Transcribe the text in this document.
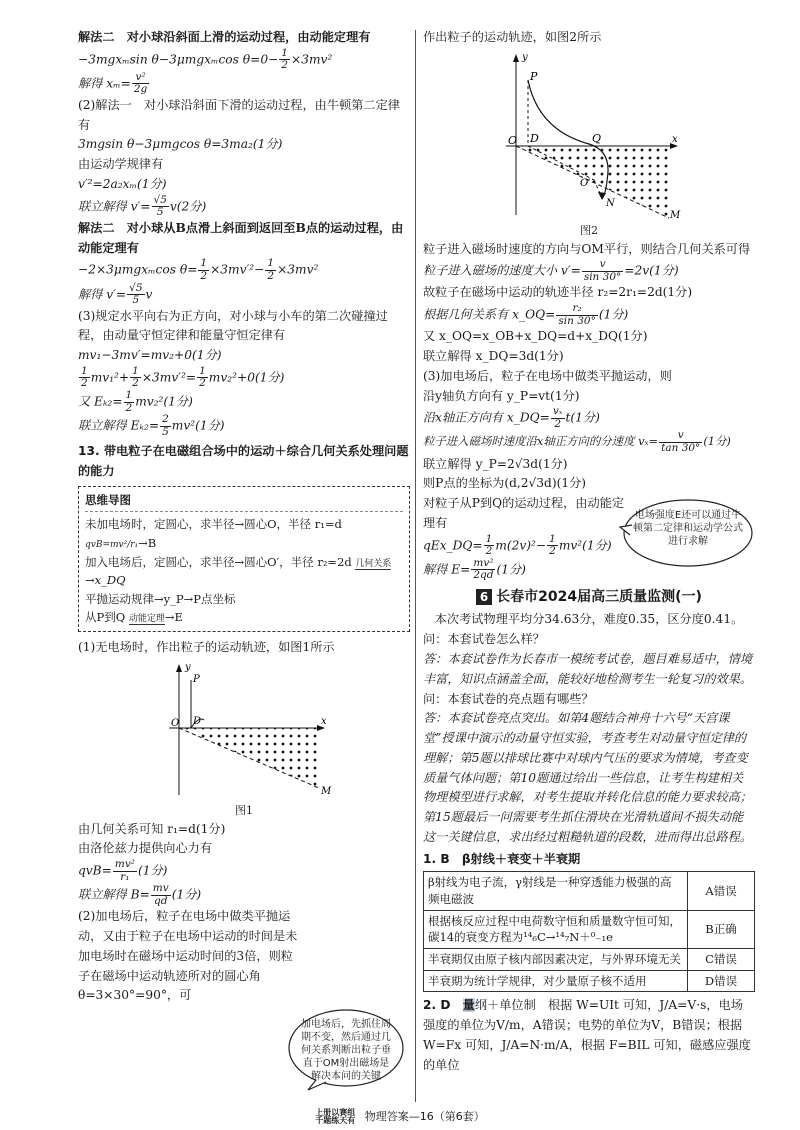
解法二　对小球沿斜面上滑的运动过程，由动能定理有

−3mgxₘsin θ−3μmgxₘcos $\theta=0- \frac{1}{2} \times 3mv^2$

解得 $x_m= \frac{\text{v²}}{2g}$

(2)解法一　对小球沿斜面下滑的运动过程，由牛顿第二定律有

3mgsin θ−3μmgcos θ=3ma₂(1分)

由运动学规律有

v′²=2a₂xₘ(1分)

联立解得 $v'= \frac{√5}{5} v(2$分)

解法二　对小球从B点滑上斜面到返回至B点的运动过程，由动能定理有

−2×3μmgxₘcos $\theta= \frac{1}{2} \times 3mv'^2- \frac{1}{2} \times 3mv^2$

解得 $v'= \frac{√5}{5}$ v

(3)规定水平向右为正方向，对小球与小车的第二次碰撞过程，由动量守恒定律和能量守恒定律有

mv₁−3mv′=mv₂+0(1分)

$\frac{1}{2} mv_1^2+ \frac{1}{2} \times 3mv'^2= \frac{1}{2} mv_2^2+0(1$分)

又 $E_{k2}= \frac{1}{2} mv_2^2(1$分)

联立解得 $E_{k2}= \frac{2}{5} mv^2(1$分)

13. 带电粒子在电磁组合场中的运动＋综合几何关系处理问题的能力

思维导图

未加电场时，定圆心，求半径→圆心O，半径 r₁=d qvB=mv²/r₁→B

加入电场后，定圆心，求半径→圆心O′，半径 r₂=2d 几何关系→x_DQ

平抛运动规律→y_P→P点坐标

从P到Q 动能定理→E

(1)无电场时，作出粒子的运动轨迹，如图1所示

O
y
P
D	x
M
图1

由几何关系可知 r₁=d(1分)

由洛伦兹力提供向心力有

$qvB= \frac{\text{mv²}}{\text{r₁}} (1$分)

联立解得 $B= \frac{mv}{qd} (1$分)

(2)加电场后，粒子在电场中做类平抛运动，又由于粒子在电场中运动的时间是未加电场时在磁场中运动时间的3倍，则粒子在磁场中运动轨迹所对的圆心角 θ=3×30°=90°，可

加电场后，先抓住周期不变，然后通过几何关系判断出粒子垂直于OM射出磁场是解决本问的关键

作出粒子的运动轨迹，如图2所示

O
y
P
D	Q	x
O′
N
M
图2

粒子进入磁场时速度的方向与OM平行，则结合几何关系可得

粒子进入磁场的速度大小 $v'= \frac{v}{\sin 30^\circ} =2v(1$分)

故粒子在磁场中运动的轨迹半径 r₂=2r₁=2d(1分)

根据几何关系有 x_OQ= $\frac{\text{r₂}}{\sin 30^\circ} (1$分)

又 x_OQ=x_OB+x_DQ=d+x_DQ(1分)

联立解得 x_DQ=3d(1分)

(3)加电场后，粒子在电场中做类平抛运动，则

沿y轴负方向有 y_P=vt(1分)

沿x轴正方向有 x_DQ= $\frac{\text{vₓ}}{2} t(1$分)

粒子进入磁场时速度沿x轴正方向的分速度 $v_x= \frac{v}{\tan 30^\circ} (1$分)

联立解得 y_P=2√3d(1分)

则P点的坐标为(d,2√3d)(1分)

对粒子从P到Q的运动过程，由动能定理有

qEx_DQ= $\frac{1}{2} m(2v)^2- \frac{1}{2} mv^2(1$分)

解得 $E= \frac{\text{mv²}}{2qd} (1$分)

6 长春市2024届高三质量监测(一)

本次考试物理平均分34.63分，难度0.35，区分度0.41。

问：本套试卷怎么样？

答：本套试卷作为长春市一模统考试卷，题目难易适中，情境丰富，知识点涵盖全面，能较好地检测考生一轮复习的效果。

问：本套试卷的亮点题有哪些？

答：本套试卷亮点突出。如第4题结合神舟十六号“天宫课堂”授课中演示的动量守恒实验，考查考生对动量守恒定律的理解；第5题以排球比赛中对球内气压的要求为情境，考查变质量气体问题；第10题通过给出一些信息，让考生构建相关物理模型进行求解，对考生提取并转化信息的能力要求较高；第15题最后一问需要考生抓住滑块在光滑轨道间不损失动能这一关键信息，求出经过粗糙轨道的段数，进而得出总路程。

1. B　β射线＋衰变＋半衰期

β射线为电子流，γ射线是一种穿透能力极强的高频电磁波	A错误
根据核反应过程中电荷数守恒和质量数守恒可知，碳14的衰变方程为¹⁴₆C→¹⁴₇N＋⁰₋₁e	B正确
半衰期仅由原子核内部因素决定，与外界环境无关	C错误
半衰期为统计学规律，对少量原子核不适用	D错误

2. D　量纲＋单位制　根据 W=UIt 可知，J/A=V·s，电场强度的单位为V/m，A错误；电势的单位为V，B错误；根据 W=Fx 可知，J/A=N·m/A，根据 F=BIL 可知，磁感应强度的单位

电场强度E还可以通过牛顿第二定律和运动学公式进行求解
上册以赛组
千题练天有 物理答案—16（第6套）
